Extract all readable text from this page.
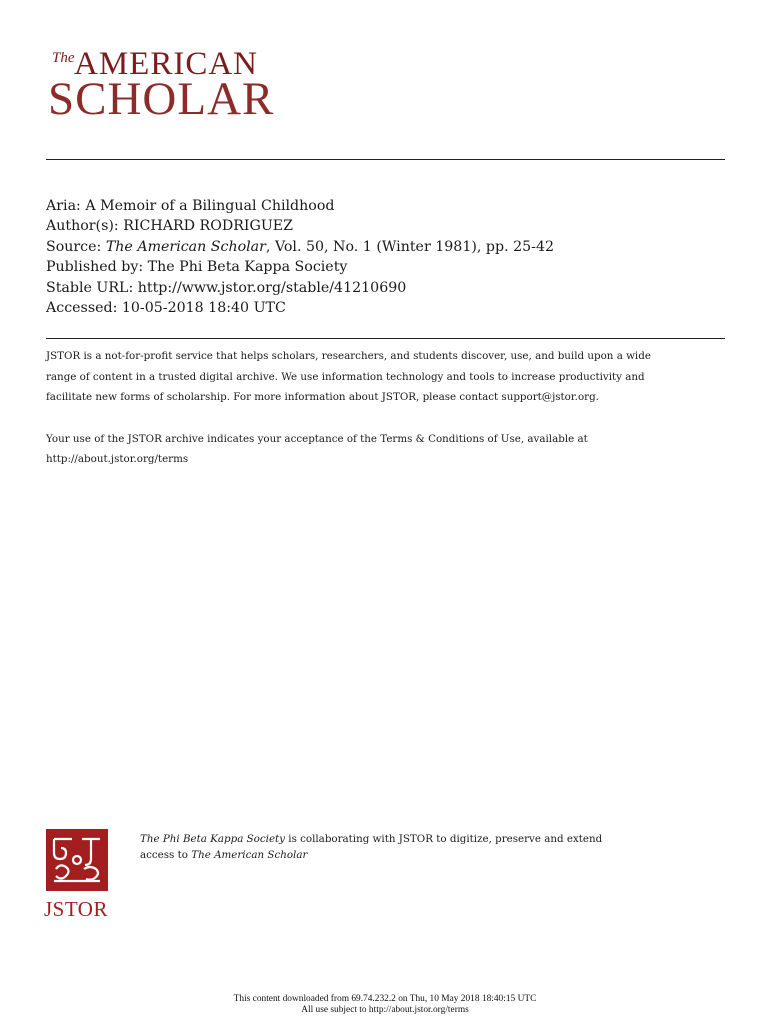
The AMERICAN
SCHOLAR
Aria: A Memoir of a Bilingual Childhood
Author(s): RICHARD RODRIGUEZ
Source: The American Scholar, Vol. 50, No. 1 (Winter 1981), pp. 25-42
Published by: The Phi Beta Kappa Society
Stable URL: http://www.jstor.org/stable/41210690
Accessed: 10-05-2018 18:40 UTC

JSTOR is a not-for-profit service that helps scholars, researchers, and students discover, use, and build upon a wide

range of content in a trusted digital archive. We use information technology and tools to increase productivity and

facilitate new forms of scholarship. For more information about JSTOR, please contact support@jstor.org.

Your use of the JSTOR archive indicates your acceptance of the Terms & Conditions of Use, available at

http://about.jstor.org/terms

JSTOR
The Phi Beta Kappa Society is collaborating with JSTOR to digitize, preserve and extend
access to The American Scholar
This content downloaded from 69.74.232.2 on Thu, 10 May 2018 18:40:15 UTC
All use subject to http://about.jstor.org/terms
